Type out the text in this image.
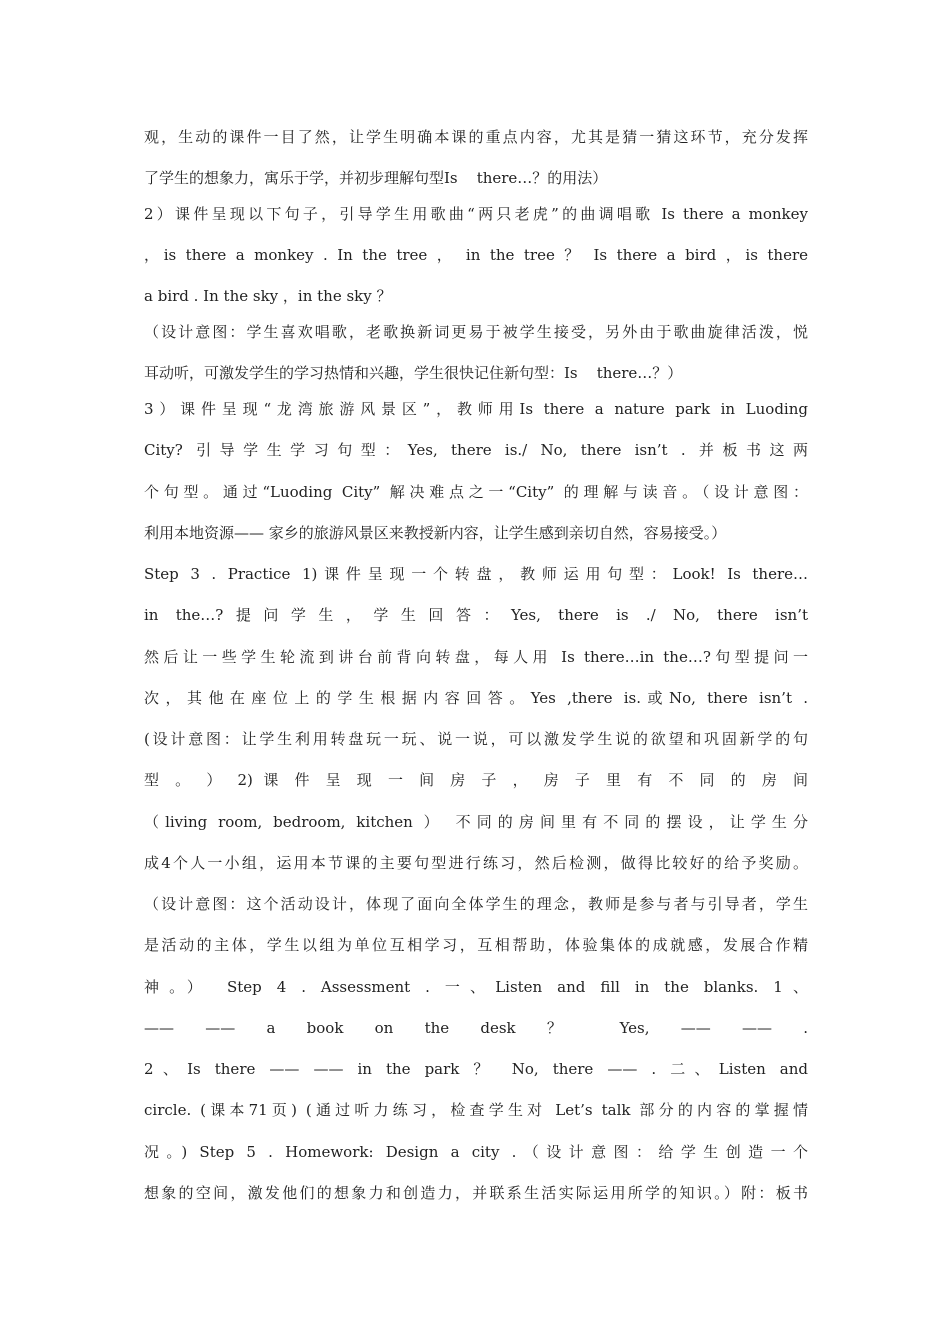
观，生动的课件一目了然，让学生明确本课的重点内容，尤其是猜一猜这环节，充分发挥
了学生的想象力，寓乐于学，并初步理解句型Is    there…？的用法）
2）课件呈现以下句子，引导学生用歌曲“两只老虎”的曲调唱歌 Is there a monkey
，is there a monkey . In the tree ， in the tree ？ Is there a bird ，is there
a bird . In the sky ，in the sky ？
（设计意图：学生喜欢唱歌，老歌换新词更易于被学生接受，另外由于歌曲旋律活泼，悦
耳动听，可激发学生的学习热情和兴趣，学生很快记住新句型：Is    there…？）
3）课件呈现“龙湾旅游风景区”，教师用Is there a nature park in Luoding
City? 引导学生学习句型：Yes, there is./ No, there isn’t . 并板书这两
个句型。通过“Luoding City” 解决难点之一“City” 的理解与读音。（设计意图：
利用本地资源—— 家乡的旅游风景区来教授新内容，让学生感到亲切自然，容易接受。）
Step 3 . Practice 1)课件呈现一个转盘，教师运用句型：Look! Is there…
in the…?提问学生，学生回答：Yes, there is ./ No, there isn’t
然后让一些学生轮流到讲台前背向转盘，每人用 Is there…in the…?句型提问一
次，其他在座位上的学生根据内容回答。Yes ,there is.或No, there isn’t .
(设计意图：让学生利用转盘玩一玩、说一说，可以激发学生说的欲望和巩固新学的句
型 。 ） 2) 课 件 呈 现 一 间 房 子 ， 房 子 里 有 不 同 的 房 间
（living room, bedroom, kitchen ） 不同的房间里有不同的摆设，让学生分
成4个人一小组，运用本节课的主要句型进行练习，然后检测，做得比较好的给予奖励。
（设计意图：这个活动设计，体现了面向全体学生的理念，教师是参与者与引导者，学生
是活动的主体，学生以组为单位互相学习，互相帮助，体验集体的成就感，发展合作精
神。） Step 4 . Assessment . 一、Listen and fill in the blanks. 1、
—— —— a book on the desk ？ Yes, —— —— .
2、Is there —— —— in the park ？ No, there —— . 二、Listen and
circle. (课本71页) (通过听力练习，检查学生对 Let’s talk 部分的内容的掌握情
况。) Step 5 . Homework: Design a city .（设计意图：给学生创造一个
想象的空间，激发他们的想象力和创造力，并联系生活实际运用所学的知识。）附：板书
